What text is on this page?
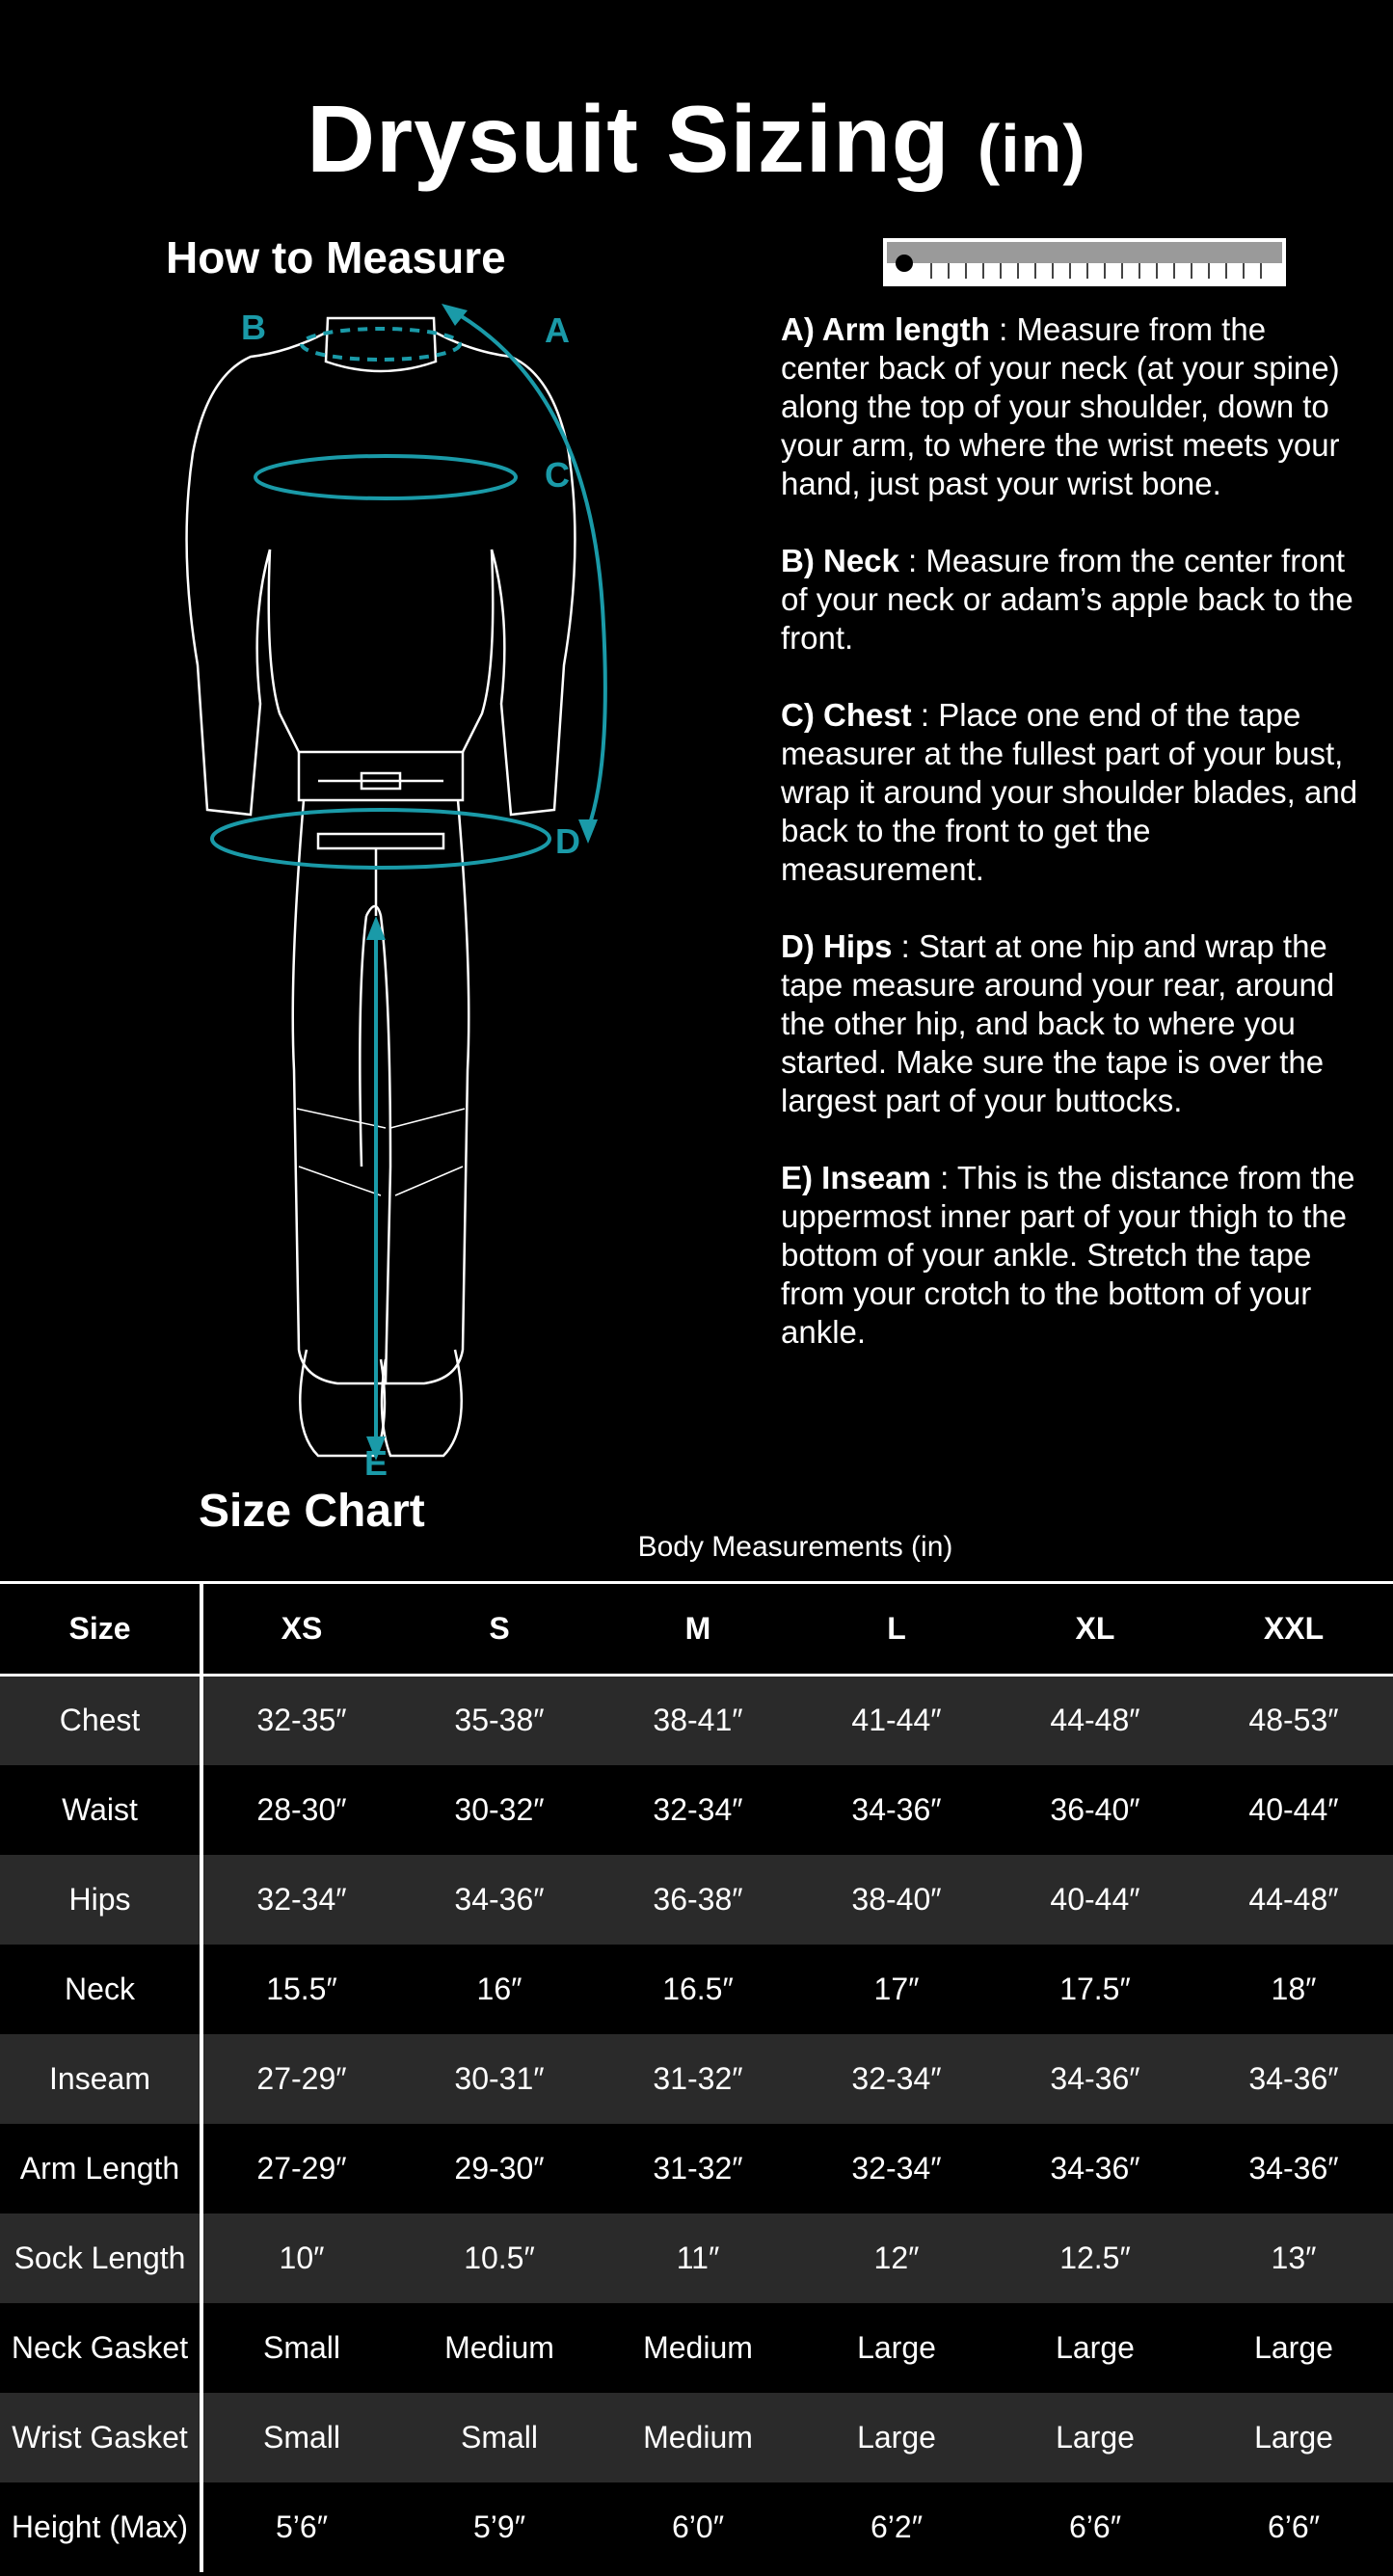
Drysuit Sizing (in)
How to Measure
A
B
C
D
E

A) Arm length : Measure from the center back of your neck (at your spine) along the top of your shoulder, down to your arm, to where the wrist meets your hand, just past your wrist bone.

B) Neck : Measure from the center front of your neck or adam’s apple back to the front.

C) Chest : Place one end of the tape measurer at the fullest part of your bust, wrap it around your shoulder blades, and back to the front to get the measurement.

D) Hips : Start at one hip and wrap the tape measure around your rear, around the other hip, and back to where you started. Make sure the tape is over the largest part of your buttocks.

E) Inseam : This is the distance from the uppermost inner part of your thigh to the bottom of your ankle. Stretch the tape from your crotch to the bottom of your ankle.

Size Chart
Body Measurements (in)
Size	XS	S	M	L	XL	XXL
Chest	32-35″	35-38″	38-41″	41-44″	44-48″	48-53″
Waist	28-30″	30-32″	32-34″	34-36″	36-40″	40-44″
Hips	32-34″	34-36″	36-38″	38-40″	40-44″	44-48″
Neck	15.5″	16″	16.5″	17″	17.5″	18″
Inseam	27-29″	30-31″	31-32″	32-34″	34-36″	34-36″
Arm Length	27-29″	29-30″	31-32″	32-34″	34-36″	34-36″
Sock Length	10″	10.5″	11″	12″	12.5″	13″
Neck Gasket	Small	Medium	Medium	Large	Large	Large
Wrist Gasket	Small	Small	Medium	Large	Large	Large
Height (Max)	5’6″	5’9″	6’0″	6’2″	6’6″	6’6″
